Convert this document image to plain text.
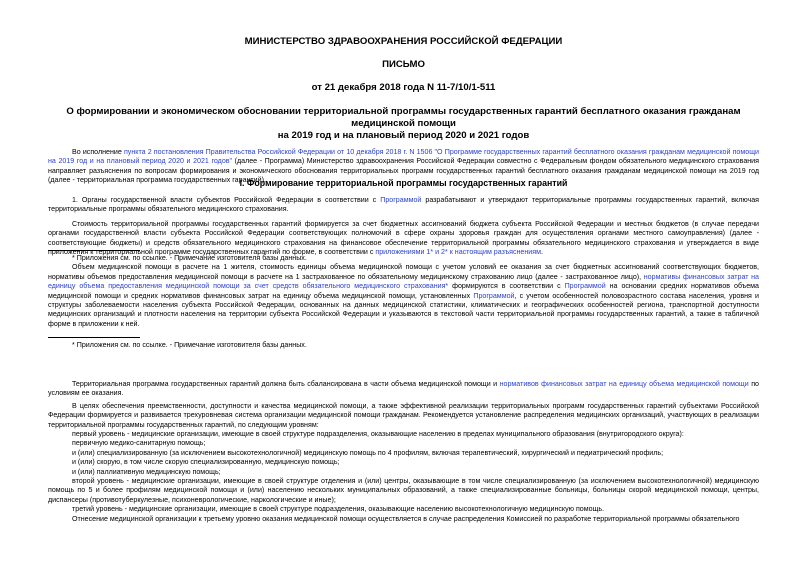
МИНИСТЕРСТВО ЗДРАВООХРАНЕНИЯ РОССИЙСКОЙ ФЕДЕРАЦИИ
ПИСЬМО
от 21 декабря 2018 года N 11-7/10/1-511
О формировании и экономическом обосновании территориальной программы государственных гарантий бесплатного оказания гражданам медицинской помощи
на 2019 год и на плановый период 2020 и 2021 годов

Во исполнение пункта 2 постановления Правительства Российской Федерации от 10 декабря 2018 г. N 1506 "О Программе государственных гарантий бесплатного оказания гражданам медицинской помощи на 2019 год и на плановый период 2020 и 2021 годов" (далее - Программа) Министерство здравоохранения Российской Федерации совместно с Федеральным фондом обязательного медицинского страхования направляет разъяснения по вопросам формирования и экономического обоснования территориальных программ государственных гарантий бесплатного оказания гражданам медицинской помощи на 2019 год (далее - территориальная программа государственных гарантий).

I. Формирование территориальной программы государственных гарантий

1. Органы государственной власти субъектов Российской Федерации в соответствии с Программой разрабатывают и утверждают территориальные программы государственных гарантий, включая территориальные программы обязательного медицинского страхования.

Стоимость территориальной программы государственных гарантий формируется за счет бюджетных ассигнований бюджета субъекта Российской Федерации и местных бюджетов (в случае передачи органами государственной власти субъекта Российской Федерации соответствующих полномочий в сфере охраны здоровья граждан для осуществления органами местного самоуправления) (далее - соответствующие бюджеты) и средств обязательного медицинского страхования на финансовое обеспечение территориальной программы обязательного медицинского страхования и утверждается в виде приложения к территориальной программе государственных гарантий по форме, в соответствии с приложениями 1* и 2* к настоящим разъяснениям.

* Приложения см. по ссылке. - Примечание изготовителя базы данных.

Объем медицинской помощи в расчете на 1 жителя, стоимость единицы объема медицинской помощи с учетом условий ее оказания за счет бюджетных ассигнований соответствующих бюджетов, нормативы объемов предоставления медицинской помощи в расчете на 1 застрахованное по обязательному медицинскому страхованию лицо (далее - застрахованное лицо), нормативы финансовых затрат на единицу объема предоставления медицинской помощи за счет средств обязательного медицинского страхования* формируются в соответствии с Программой на основании средних нормативов объема медицинской помощи и средних нормативов финансовых затрат на единицу объема медицинской помощи, установленных Программой, с учетом особенностей половозрастного состава населения, уровня и структуры заболеваемости населения субъекта Российской Федерации, основанных на данных медицинской статистики, климатических и географических особенностей региона, транспортной доступности медицинских организаций и плотности населения на территории субъекта Российской Федерации и указываются в текстовой части территориальной программы государственных гарантий, а также в табличной форме в приложении к ней.

* Приложения см. по ссылке. - Примечание изготовителя базы данных.

Территориальная программа государственных гарантий должна быть сбалансирована в части объема медицинской помощи и нормативов финансовых затрат на единицу объема медицинской помощи по условиям ее оказания.

В целях обеспечения преемственности, доступности и качества медицинской помощи, а также эффективной реализации территориальных программ государственных гарантий субъектами Российской Федерации формируется и развивается трехуровневая система организации медицинской помощи гражданам. Рекомендуется установление распределения медицинских организаций, участвующих в реализации территориальной программы государственных гарантий, по следующим уровням:

первый уровень - медицинские организации, имеющие в своей структуре подразделения, оказывающие населению в пределах муниципального образования (внутригородского округа):

первичную медико-санитарную помощь;

и (или) специализированную (за исключением высокотехнологичной) медицинскую помощь по 4 профилям, включая терапевтический, хирургический и педиатрический профиль;

и (или) скорую, в том числе скорую специализированную, медицинскую помощь;

и (или) паллиативную медицинскую помощь;

второй уровень - медицинские организации, имеющие в своей структуре отделения и (или) центры, оказывающие в том числе специализированную (за исключением высокотехнологичной) медицинскую помощь по 5 и более профилям медицинской помощи и (или) населению нескольких муниципальных образований, а также специализированные больницы, больницы скорой медицинской помощи, центры, диспансеры (противотуберкулезные, психоневрологические, наркологические и иные);

третий уровень - медицинские организации, имеющие в своей структуре подразделения, оказывающие населению высокотехнологичную медицинскую помощь.

Отнесение медицинской организации к третьему уровню оказания медицинской помощи осуществляется в случае распределения Комиссией по разработке территориальной программы обязательного
